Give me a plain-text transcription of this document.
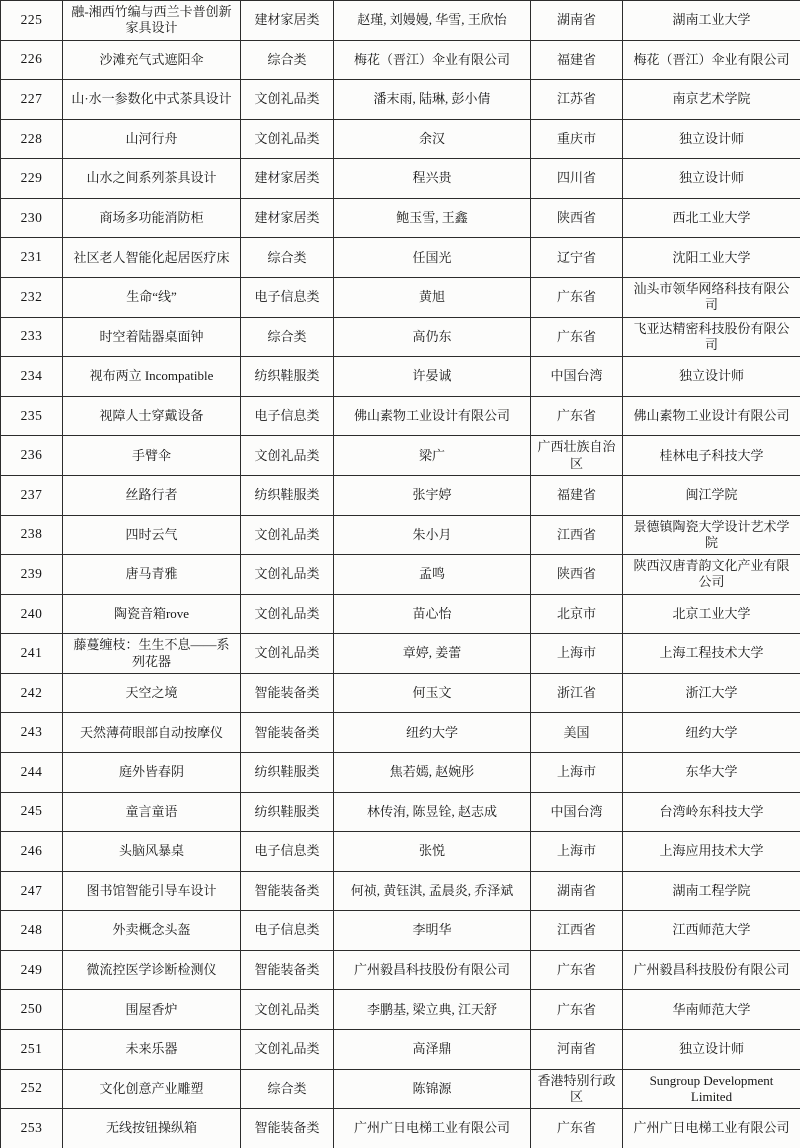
225	融-湘西竹编与西兰卡普创新家具设计	建材家居类	赵瑾, 刘嫚嫚, 华雪, 王欣怡	湖南省	湖南工业大学
226	沙滩充气式遮阳伞	综合类	梅花（晋江）伞业有限公司	福建省	梅花（晋江）伞业有限公司
227	山·水一参数化中式茶具设计	文创礼品类	潘末雨, 陆琳, 彭小倩	江苏省	南京艺术学院
228	山河行舟	文创礼品类	余汉	重庆市	独立设计师
229	山水之间系列茶具设计	建材家居类	程兴贵	四川省	独立设计师
230	商场多功能消防柜	建材家居类	鲍玉雪, 王鑫	陕西省	西北工业大学
231	社区老人智能化起居医疗床	综合类	任国光	辽宁省	沈阳工业大学
232	生命“线”	电子信息类	黄旭	广东省	汕头市领华网络科技有限公司
233	时空着陆器桌面钟	综合类	高仍东	广东省	飞亚达精密科技股份有限公司
234	视布两立 Incompatible	纺织鞋服类	许晏诚	中国台湾	独立设计师
235	视障人士穿戴设备	电子信息类	佛山素物工业设计有限公司	广东省	佛山素物工业设计有限公司
236	手臂伞	文创礼品类	梁广	广西壮族自治区	桂林电子科技大学
237	丝路行者	纺织鞋服类	张宇婷	福建省	闽江学院
238	四时云气	文创礼品类	朱小月	江西省	景德镇陶瓷大学设计艺术学院
239	唐马青雅	文创礼品类	孟鸣	陕西省	陕西汉唐青韵文化产业有限公司
240	陶瓷音箱rove	文创礼品类	苗心怡	北京市	北京工业大学
241	藤蔓缠枝：生生不息——系列花器	文创礼品类	章婷, 姜蕾	上海市	上海工程技术大学
242	天空之境	智能装备类	何玉文	浙江省	浙江大学
243	天然薄荷眼部自动按摩仪	智能装备类	纽约大学	美国	纽约大学
244	庭外皆春阴	纺织鞋服类	焦若嫣, 赵婉彤	上海市	东华大学
245	童言童语	纺织鞋服类	林传洧, 陈昱铨, 赵志成	中国台湾	台湾岭东科技大学
246	头脑风暴桌	电子信息类	张悦	上海市	上海应用技术大学
247	图书馆智能引导车设计	智能装备类	何祯, 黄钰淇, 孟晨炎, 乔泽斌	湖南省	湖南工程学院
248	外卖概念头盔	电子信息类	李明华	江西省	江西师范大学
249	微流控医学诊断检测仪	智能装备类	广州毅昌科技股份有限公司	广东省	广州毅昌科技股份有限公司
250	围屋香炉	文创礼品类	李鹏基, 梁立典, 江天舒	广东省	华南师范大学
251	未来乐器	文创礼品类	高泽鼎	河南省	独立设计师
252	文化创意产业雕塑	综合类	陈锦源	香港特别行政区	Sungroup Development Limited
253	无线按钮操纵箱	智能装备类	广州广日电梯工业有限公司	广东省	广州广日电梯工业有限公司
